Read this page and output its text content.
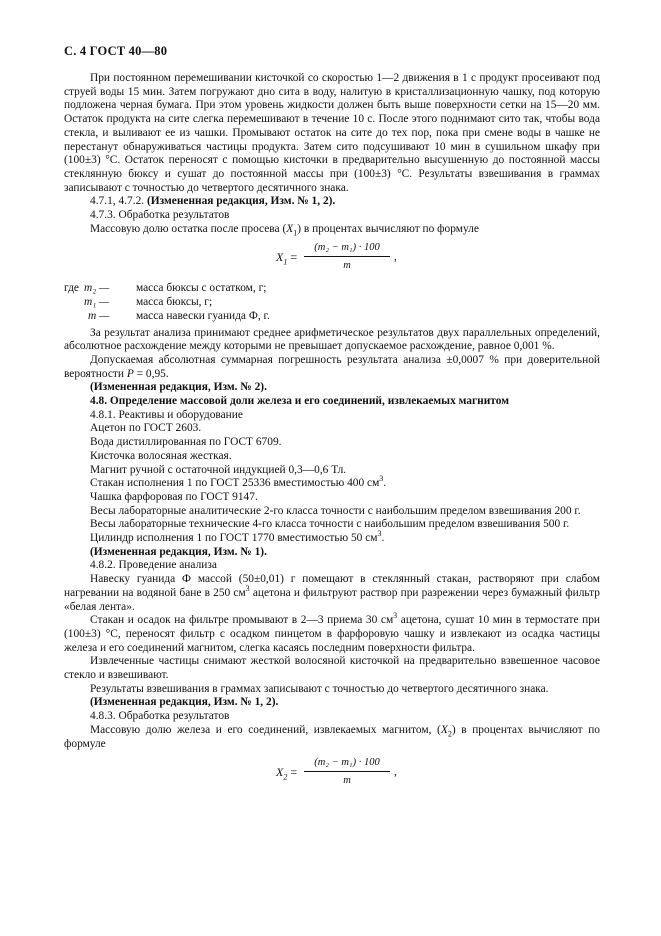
С. 4 ГОСТ 40—80

При постоянном перемешивании кисточкой со скоростью 1—2 движения в 1 с продукт просеивают под струей воды 15 мин. Затем погружают дно сита в воду, налитую в кристаллизационную чашку, под которую подложена черная бумага. При этом уровень жидкости должен быть выше поверхности сетки на 15—20 мм. Остаток продукта на сите слегка перемешивают в течение 10 с. После этого поднимают сито так, чтобы вода стекла, и выливают ее из чашки. Промывают остаток на сите до тех пор, пока при смене воды в чашке не перестанут обнаруживаться частицы продукта. Затем сито подсушивают 10 мин в сушильном шкафу при (100±3) °С. Остаток переносят с помощью кисточки в предварительно высушенную до постоянной массы стеклянную бюксу и сушат до постоянной массы при (100±3) °С. Результаты взвешивания в граммах записывают с точностью до четвертого десятичного знака.

4.7.1, 4.7.2. (Измененная редакция, Изм. № 1, 2).

4.7.3. Обработка результатов

Массовую долю остатка после просева $(X_1)$ в процентах вычисляют по формуле

$X_1 = \frac{\text{(m₂ − m₁) · 100}}{m}$ ,
где m₂ — масса бюксы с остатком, г;
m₁ — масса бюксы, г;
m — масса навески гуанида Ф, г.

За результат анализа принимают среднее арифметическое результатов двух параллельных определений, абсолютное расхождение между которыми не превышает допускаемое расхождение, равное 0,001 %.

Допускаемая абсолютная суммарная погрешность результата анализа ±0,0007 % при доверительной вероятности P = 0,95.

(Измененная редакция, Изм. № 2).

4.8. Определение массовой доли железа и его соединений, извлекаемых магнитом

4.8.1. Реактивы и оборудование

Ацетон по ГОСТ 2603.

Вода дистиллированная по ГОСТ 6709.

Кисточка волосяная жесткая.

Магнит ручной с остаточной индукцией 0,3—0,6 Тл.

Стакан исполнения 1 по ГОСТ 25336 вместимостью 400 $см^3$.

Чашка фарфоровая по ГОСТ 9147.

Весы лабораторные аналитические 2-го класса точности с наибольшим пределом взвешивания 200 г.

Весы лабораторные технические 4-го класса точности с наибольшим пределом взвешивания 500 г.

Цилиндр исполнения 1 по ГОСТ 1770 вместимостью 50 $см^3$.

(Измененная редакция, Изм. № 1).

4.8.2. Проведение анализа

Навеску гуанида Ф массой (50±0,01) г помещают в стеклянный стакан, растворяют при слабом нагревании на водяной бане в 250 $см^3$ ацетона и фильтруют раствор при разрежении через бумажный фильтр «белая лента».

Стакан и осадок на фильтре промывают в 2—3 приема 30 $см^3$ ацетона, сушат 10 мин в термостате при (100±3) °С, переносят фильтр с осадком пинцетом в фарфоровую чашку и извлекают из осадка частицы железа и его соединений магнитом, слегка касаясь последним поверхности фильтра.

Извлеченные частицы снимают жесткой волосяной кисточкой на предварительно взвешенное часовое стекло и взвешивают.

Результаты взвешивания в граммах записывают с точностью до четвертого десятичного знака.

(Измененная редакция, Изм. № 1, 2).

4.8.3. Обработка результатов

Массовую долю железа и его соединений, извлекаемых магнитом, $(X_2)$ в процентах вычисляют по формуле

$X_2 = \frac{\text{(m₂ − m₁) · 100}}{m}$ ,
